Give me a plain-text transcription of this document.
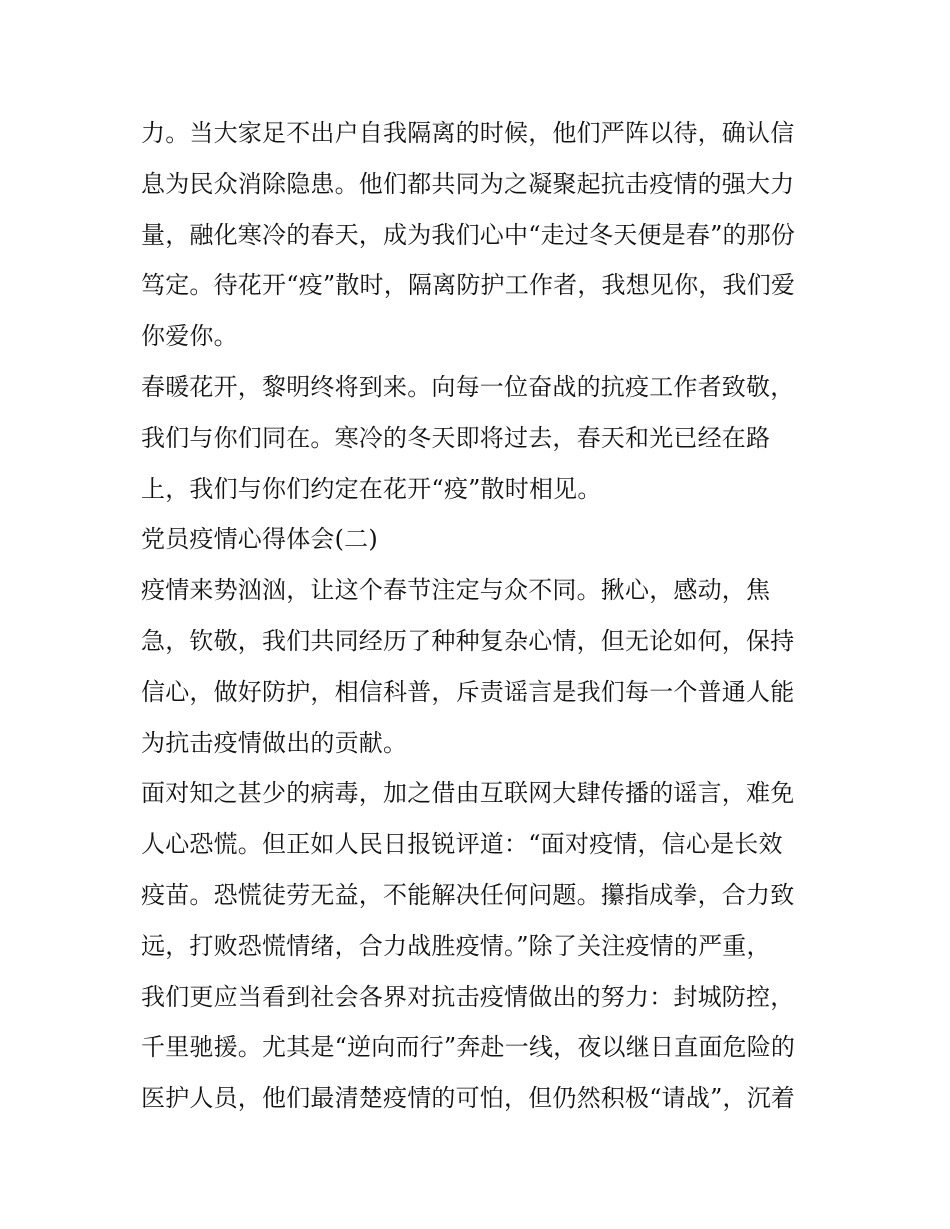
力。当大家足不出户自我隔离的时候，他们严阵以待，确认信
息为民众消除隐患。他们都共同为之凝聚起抗击疫情的强大力
量，融化寒冷的春天，成为我们心中“走过冬天便是春”的那份
笃定。待花开“疫”散时，隔离防护工作者，我想见你，我们爱
你爱你。
春暖花开，黎明终将到来。向每一位奋战的抗疫工作者致敬，
我们与你们同在。寒冷的冬天即将过去，春天和光已经在路
上，我们与你们约定在花开“疫”散时相见。
党员疫情心得体会(二)
疫情来势汹汹，让这个春节注定与众不同。揪心，感动，焦
急，钦敬，我们共同经历了种种复杂心情，但无论如何，保持
信心，做好防护，相信科普，斥责谣言是我们每一个普通人能
为抗击疫情做出的贡献。
面对知之甚少的病毒，加之借由互联网大肆传播的谣言，难免
人心恐慌。但正如人民日报锐评道：“面对疫情，信心是长效
疫苗。恐慌徒劳无益，不能解决任何问题。攥指成拳，合力致
远，打败恐慌情绪，合力战胜疫情。”除了关注疫情的严重，
我们更应当看到社会各界对抗击疫情做出的努力：封城防控，
千里驰援。尤其是“逆向而行”奔赴一线，夜以继日直面危险的
医护人员，他们最清楚疫情的可怕，但仍然积极“请战”，沉着
